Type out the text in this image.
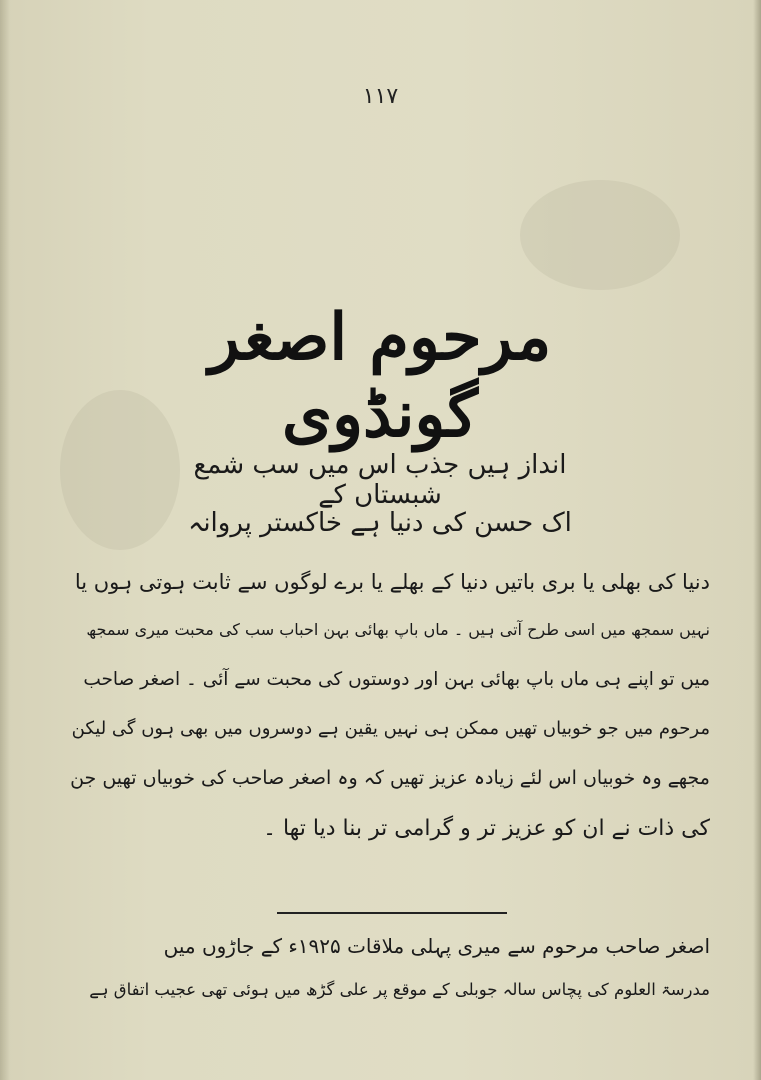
۱۱۷
مرحوم اصغر گونڈوی
انداز ہیں جذب اس میں سب شمع شبستاں کے
اک حسن کی دنیا ہے خاکستر پروانہ
دنیا کی بھلی یا بری باتیں دنیا کے بھلے یا برے لوگوں سے ثابت ہوتی ہوں یا
نہیں سمجھ میں اسی طرح آتی ہیں ۔ ماں باپ بھائی بہن احباب سب کی محبت میری سمجھ
میں تو اپنے ہی ماں باپ بھائی بہن اور دوستوں کی محبت سے آئی ۔ اصغر صاحب
مرحوم میں جو خوبیاں تھیں ممکن ہی نہیں یقین ہے دوسروں میں بھی ہوں گی لیکن
مجھے وہ خوبیاں اس لئے زیادہ عزیز تھیں کہ وہ اصغر صاحب کی خوبیاں تھیں جن
کی ذات نے ان کو عزیز تر و گرامی تر بنا دیا تھا ۔
اصغر صاحب مرحوم سے میری پہلی ملاقات ۱۹۲۵ء کے جاڑوں میں
مدرسۃ العلوم کی پچاس سالہ جوبلی کے موقع پر علی گڑھ میں ہوئی تھی عجیب اتفاق ہے
